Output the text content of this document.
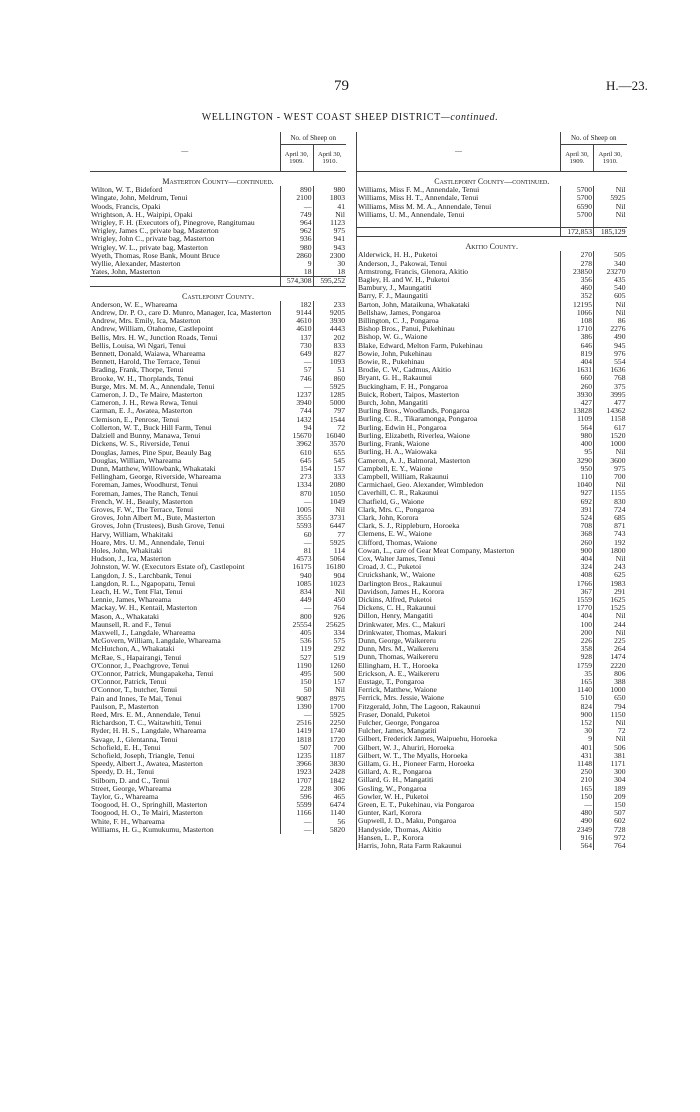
79	H.—23.
WELLINGTON - WEST COAST SHEEP DISTRICT—continued.
—	No. of Sheep on	
	April 30, 1909.	April 30, 1910.
Masterton County—continued.		
Wilton, W. T., Bideford	890	980
Wingate, John, Meldrum, Tenui	2100	1803
Woods, Francis, Opaki	—	41
Wrightson, A. H., Waipipi, Opaki	749	Nil
Wrigley, F. H. (Executors of), Pinegrove, Rangitumau	964	1123
Wrigley, James C., private bag, Masterton	962	975
Wrigley, John C., private bag, Masterton	936	941
Wrigley, W. L., private bag, Masterton	980	943
Wyeth, Thomas, Rose Bank, Mount Bruce	2860	2300
Wyllie, Alexander, Masterton	9	30
Yates, John, Masterton	18	18
	574,308	595,252
Castlepoint County.		
Anderson, W. E., Whareama	182	233
Andrew, Dr. P. O., care D. Munro, Manager, Ica, Masterton	9144	9205
Andrew, Mrs. Emily, Ica, Masterton	4610	3930
Andrew, William, Otahome, Castlepoint	4610	4443
Bellis, Mrs. H. W., Junction Roads, Tenui	137	202
Bellis, Louisa, Wi Ngari, Tenui	730	833
Bennett, Donald, Waiawa, Whareama	649	827
Bennett, Harold, The Terrace, Tenui	—	1093
Brading, Frank, Thorpe, Tenui	57	51
Brooke, W. H., Thorplands, Tenui	746	860
Burge, Mrs. M. M. A., Annendale, Tenui	—	5925
Cameron, J. D., Te Maire, Masterton	1237	1285
Cameron, J. H., Rewa Rewa, Tenui	3940	5000
Carman, E. J., Awatea, Masterton	744	797
Clemison, E., Penrose, Tenui	1432	1544
Collerton, W. T., Buck Hill Farm, Tenui	94	72
Dalziell and Bunny, Manawa, Tenui	15670	16040
Dickens, W. S., Riverside, Tenui	3962	3570
Douglas, James, Pine Spur, Beauly Bag	610	655
Douglas, William, Whareama	645	545
Dunn, Matthew, Willowbank, Whakataki	154	157
Fellingham, George, Riverside, Whareama	273	333
Foreman, James, Woodhurst, Tenui	1334	2080
Foreman, James, The Ranch, Tenui	870	1050
French, W. H., Beauly, Masterton	—	1049
Groves, F. W., The Terrace, Tenui	1005	Nil
Groves, John Albert M., Bute, Masterton	3555	3731
Groves, John (Trustees), Bush Grove, Tenui	5593	6447
Harvy, William, Whakitaki	60	77
Hoare, Mrs. U. M., Annendale, Tenui	—	5925
Holes, John, Whakitaki	81	114
Hudson, J., Ica, Masterton	4573	5064
Johnston, W. W. (Executors Estate of), Castlepoint	16175	16180
Langdon, J. S., Larchbank, Tenui	940	904
Langdon, R. L., Ngapopatu, Tenui	1085	1023
Leach, H. W., Tent Flat, Tenui	834	Nil
Lennie, James, Whareama	449	450
Mackay, W. H., Kentail, Masterton	—	764
Mason, A., Whakataki	800	926
Maunsell, R. and F., Tenui	25554	25625
Maxwell, J., Langdale, Whareama	405	334
McGovern, William, Langdale, Whareama	536	575
McHutchon, A., Whakataki	119	292
McRae, S., Hapairangi, Tenui	527	519
O'Connor, J., Peachgrove, Tenui	1190	1260
O'Connor, Patrick, Mungapakeha, Tenui	495	500
O'Connor, Patrick, Tenui	150	157
O'Connor, T., butcher, Tenui	50	Nil
Pain and Innes, Te Mai, Tenui	9087	8975
Paulson, P., Masterton	1390	1700
Reed, Mrs. E. M., Annendale, Tenui	—	5925
Richardson, T. C., Waitawhiti, Tenui	2516	2250
Ryder, H. H. S., Langdale, Whareama	1419	1740
Savage, J., Glentanna, Tenui	1818	1720
Schofield, E. H., Tenui	507	700
Schofield, Joseph, Triangle, Tenui	1235	1187
Speedy, Albert J., Awatea, Masterton	3966	3830
Speedy, D. H., Tenui	1923	2428
Stilborn, D. and C., Tenui	1707	1842
Street, George, Whareama	228	306
Taylor, G., Whareama	596	465
Toogood, H. O., Springhill, Masterton	5599	6474
Toogood, H. O., Te Mairi, Masterton	1166	1140
White, F. H., Whareama	—	56
Williams, H. G., Kumukumu, Masterton	—	5820
—	No. of Sheep on	
	April 30, 1909.	April 30, 1910.
Castlepoint County—continued.		
Williams, Miss F. M., Annendale, Tenui	5700	Nil
Williams, Miss H. T., Annendale, Tenui	5700	5925
Williams, Miss M. M. A., Annendale, Tenui	6590	Nil
Williams, U. M., Annendale, Tenui	5700	Nil

	172,853	185,129
Akitio County.		
Alderwick, H. H., Puketoi	270	505
Anderson, J., Pakowai, Tenui	278	340
Armstrong, Francis, Glenora, Akitio	23850	23270
Bagley, H. and W. H., Puketoi	356	435
Bambury, J., Maungatiti	460	540
Barry, F. J., Maungatiti	352	605
Barton, John, Mataikuna, Whakataki	12195	Nil
Bellshaw, James, Pongaroa	1066	Nil
Billington, C. J., Pongaroa	108	86
Bishop Bros., Panui, Pukehinau	1710	2276
Bishop, W. G., Waione	386	490
Blake, Edward, Melton Farm, Pukehinau	646	945
Bowie, John, Pukehinau	819	976
Bowie, R., Pukehinau	404	554
Brodie, C. W., Cadmus, Akitio	1631	1636
Bryant, G. H., Rakaunui	660	768
Buckingham, F. H., Pongaroa	260	375
Buick, Robert, Taipos, Masterton	3930	3995
Burch, John, Mangatiti	427	477
Burling Bros., Woodlands, Pongaroa	13828	14362
Burling, C. R., Tikaramonga, Pongaroa	1109	1158
Burling, Edwin H., Pongaroa	564	617
Burling, Elizabeth, Riverlea, Waione	980	1520
Burling, Frank, Waione	400	1000
Burling, H. A., Waiowaka	95	Nil
Cameron, A. J., Balmoral, Masterton	3290	3600
Campbell, E. Y., Waione	950	975
Campbell, William, Rakaunui	110	700
Carmichael, Geo. Alexander, Wimbledon	1040	Nil
Caverhill, C. R., Rakaunui	927	1155
Chatfield, G., Waione	692	830
Clark, Mrs. C., Pongaroa	391	724
Clark, John, Korora	524	685
Clark, S. J., Rippleburn, Horoeka	708	871
Clemens, E. W., Waione	368	743
Clifford, Thomas, Waione	260	192
Cowan, L., care of Gear Meat Company, Masterton	900	1800
Cox, Walter James, Tenui	404	Nil
Croad, J. C., Puketoi	324	243
Cruickshank, W., Waione	408	625
Darlington Bros., Rakaunui	1766	1983
Davidson, James H., Korora	367	291
Dickins, Alfred, Puketoi	1559	1625
Dickens, C. H., Rakaunui	1770	1525
Dillon, Henry, Mangatiti	404	Nil
Drinkwater, Mrs. C., Makuri	100	244
Drinkwater, Thomas, Makuri	200	Nil
Dunn, George, Waikereru	226	225
Dunn, Mrs. M., Waikereru	358	264
Dunn, Thomas, Waikereru	928	1474
Ellingham, H. T., Horoeka	1759	2220
Erickson, A. E., Waikereru	35	806
Eustage, T., Pongaroa	165	388
Ferrick, Matthew, Waione	1140	1000
Ferrick, Mrs. Jessie, Waione	510	650
Fitzgerald, John, The Lagoon, Rakaunui	824	794
Fraser, Donald, Puketoi	900	1150
Fulcher, George, Pongaroa	152	Nil
Fulcher, James, Mangatiti	30	72
Gilbert, Frederick James, Waipuehu, Horoeka	9	Nil
Gilbert, W. J., Ahuriri, Horoeka	401	506
Gilbert, W. T., The Myalls, Horoeka	431	381
Gillam, G. H., Pioneer Farm, Horoeka	1148	1171
Gillard, A. R., Pongaroa	250	300
Gillard, G. H., Mangatiti	210	304
Gosling, W., Pongaroa	165	189
Gowler, W. H., Puketoi	150	209
Green, E. T., Pukehinau, via Pongaroa	—	150
Gunter, Karl, Korora	480	507
Gupwell, J. D., Maku, Pongaroa	490	602
Handyside, Thomas, Akitio	2349	728
Hansen, L. P., Korora	916	972
Harris, John, Rata Farm Rakaunui	564	764
